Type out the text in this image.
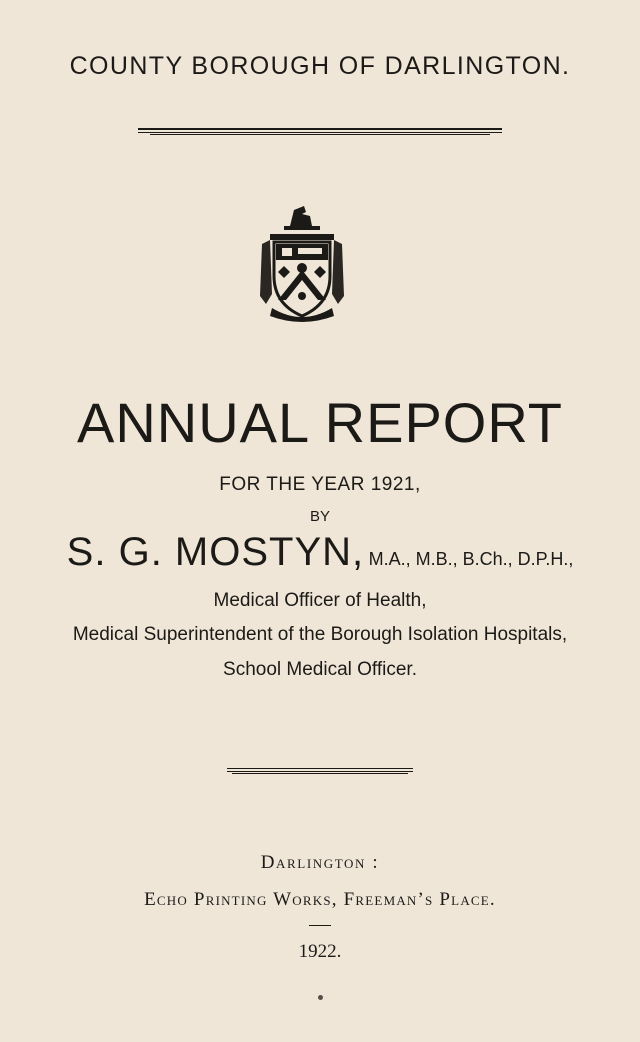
COUNTY BOROUGH OF DARLINGTON.
ANNUAL REPORT
FOR THE YEAR 1921,
BY
S. G. MOSTYN, M.A., M.B., B.Ch., D.P.H.,
Medical Officer of Health,
Medical Superintendent of the Borough Isolation Hospitals,
School Medical Officer.
Darlington :
Echo Printing Works, Freeman’s Place.
1922.
